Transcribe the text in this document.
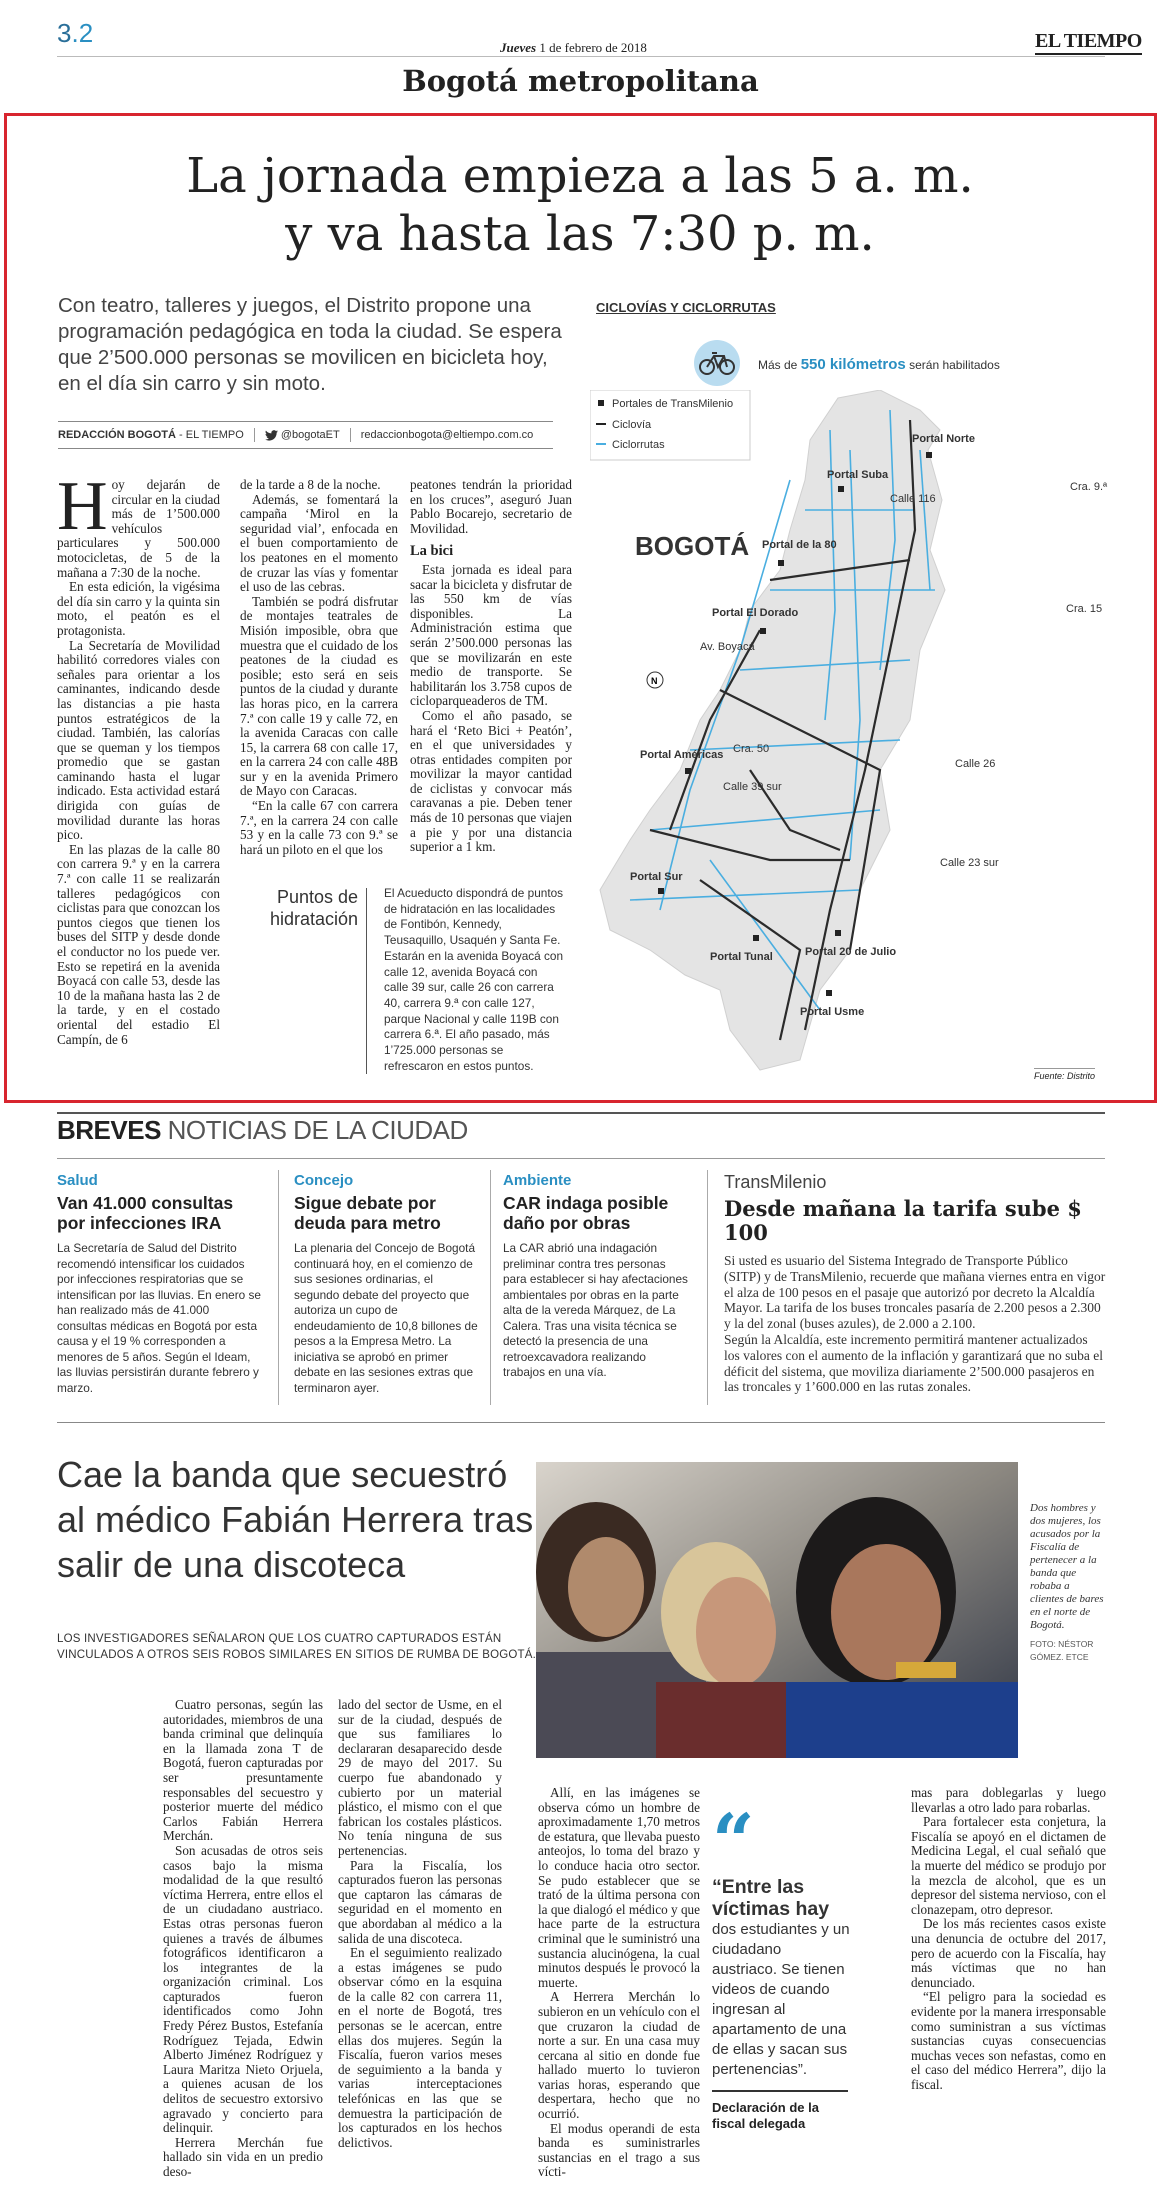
3.2	Jueves 1 de febrero de 2018	EL TIEMPO
Bogotá metropolitana
La jornada empieza a las 5 a. m.
y va hasta las 7:30 p. m.
Con teatro, talleres y juegos, el Distrito propone una programación pedagógica en toda la ciudad. Se espera que 2’500.000 personas se movilicen en bicicleta hoy, en el día sin carro y sin moto.
REDACCIÓN BOGOTÁ - EL TIEMPO	@bogotaET redaccionbogota@eltiempo.com.co

Hoy dejarán de circular en la ciudad más de 1’500.000 vehículos particulares y 500.000 motocicletas, de 5 de la mañana a 7:30 de la noche.

En esta edición, la vigésima del día sin carro y la quinta sin moto, el peatón es el protagonista.

La Secretaría de Movilidad habilitó corredores viales con señales para orientar a los caminantes, indicando desde las distancias a pie hasta puntos estratégicos de la ciudad. También, las calorías que se queman y los tiempos promedio que se gastan caminando hasta el lugar indicado. Esta actividad estará dirigida con guías de movilidad durante las horas pico.

En las plazas de la calle 80 con carrera 9.ª y en la carrera 7.ª con calle 11 se realizarán talleres pedagógicos con ciclistas para que conozcan los puntos ciegos que tienen los buses del SITP y desde donde el conductor no los puede ver. Esto se repetirá en la avenida Boyacá con calle 53, desde las 10 de la mañana hasta las 2 de la tarde, y en el costado oriental del estadio El Campín, de 6

de la tarde a 8 de la noche.

Además, se fomentará la campaña ‘Mirol en la seguridad vial’, enfocada en el buen comportamiento de los peatones en el momento de cruzar las vías y fomentar el uso de las cebras.

También se podrá disfrutar de montajes teatrales de Misión imposible, obra que muestra que el cuidado de los peatones de la ciudad es posible; esto será en seis puntos de la ciudad y durante las horas pico, en la carrera 7.ª con calle 19 y calle 72, en la avenida Caracas con calle 15, la carrera 68 con calle 17, en la carrera 24 con calle 48B sur y en la avenida Primero de Mayo con Caracas.

“En la calle 67 con carrera 7.ª, en la carrera 24 con calle 53 y en la calle 73 con 9.ª se hará un piloto en el que los

peatones tendrán la prioridad en los cruces”, aseguró Juan Pablo Bocarejo, secretario de Movilidad.

La bici

Esta jornada es ideal para sacar la bicicleta y disfrutar de las 550 km de vías disponibles. La Administración estima que serán 2’500.000 personas las que se movilizarán en este medio de transporte. Se habilitarán los 3.758 cupos de cicloparqueaderos de TM.

Como el año pasado, se hará el ‘Reto Bici + Peatón’, en el que universidades y otras entidades compiten por movilizar la mayor cantidad de ciclistas y convocar más caravanas a pie. Deben tener más de 10 personas que viajen a pie y por una distancia superior a 1 km.

Puntos de hidratación
El Acueducto dispondrá de puntos de hidratación en las localidades de Fontibón, Kennedy, Teusaquillo, Usaquén y Santa Fe. Estarán en la avenida Boyacá con calle 12, avenida Boyacá con calle 39 sur, calle 26 con carrera 40, carrera 9.ª con calle 127, parque Nacional y calle 119B con carrera 6.ª. El año pasado, más 1’725.000 personas se refrescaron en estos puntos.
CICLOVÍAS Y CICLORRUTAS
Más de 550 kilómetros serán habilitados
Portales de TransMilenio
Ciclovía
Ciclorrutas
BOGOTÁ
N
Portal Norte
Portal Suba
Portal de la 80
Portal El Dorado
Portal Américas
Portal Sur
Portal Tunal	Portal 20 de Julio
Portal Usme
Cra. 9.ª
Calle 116
Cra. 15
Av. Boyacá
Calle 26
Cra. 50
Calle 39 sur
Calle 23 sur
Fuente: Distrito
BREVES NOTICIAS DE LA CIUDAD
Salud
Van 41.000 consultas por infecciones IRA
La Secretaría de Salud del Distrito recomendó intensificar los cuidados por infecciones respiratorias que se intensifican por las lluvias. En enero se han realizado más de 41.000 consultas médicas en Bogotá por esta causa y el 19 % corresponden a menores de 5 años. Según el Ideam, las lluvias persistirán durante febrero y marzo.
Concejo
Sigue debate por deuda para metro
La plenaria del Concejo de Bogotá continuará hoy, en el comienzo de sus sesiones ordinarias, el segundo debate del proyecto que autoriza un cupo de endeudamiento de 10,8 billones de pesos a la Empresa Metro. La iniciativa se aprobó en primer debate en las sesiones extras que terminaron ayer.
Ambiente
CAR indaga posible daño por obras
La CAR abrió una indagación preliminar contra tres personas para establecer si hay afectaciones ambientales por obras en la parte alta de la vereda Márquez, de La Calera. Tras una visita técnica se detectó la presencia de una retroexcavadora realizando trabajos en una vía.
TransMilenio
Desde mañana la tarifa sube $ 100
Si usted es usuario del Sistema Integrado de Transporte Público (SITP) y de TransMilenio, recuerde que mañana viernes entra en vigor el alza de 100 pesos en el pasaje que autorizó por decreto la Alcaldía Mayor. La tarifa de los buses troncales pasaría de 2.200 pesos a 2.300 y la del zonal (buses azules), de 2.000 a 2.100.
Según la Alcaldía, este incremento permitirá mantener actualizados los valores con el aumento de la inflación y garantizará que no suba el déficit del sistema, que moviliza diariamente 2’500.000 pasajeros en las troncales y 1’600.000 en las rutas zonales.
Cae la banda que secuestró al médico Fabián Herrera tras salir de una discoteca
LOS INVESTIGADORES SEÑALARON QUE LOS CUATRO CAPTURADOS ESTÁN VINCULADOS A OTROS SEIS ROBOS SIMILARES EN SITIOS DE RUMBA DE BOGOTÁ.
Dos hombres y dos mujeres, los acusados por la Fiscalía de pertenecer a la banda que robaba a clientes de bares en el norte de Bogotá.
FOTO: NÉSTOR GÓMEZ. ETCE

Cuatro personas, según las autoridades, miembros de una banda criminal que delinquía en la llamada zona T de Bogotá, fueron capturadas por ser presuntamente responsables del secuestro y posterior muerte del médico Carlos Fabián Herrera Merchán.

Son acusadas de otros seis casos bajo la misma modalidad de la que resultó víctima Herrera, entre ellos el de un ciudadano austriaco. Estas otras personas fueron quienes a través de álbumes fotográficos identificaron a los integrantes de la organización criminal. Los capturados fueron identificados como John Fredy Pérez Bustos, Estefanía Rodríguez Tejada, Edwin Alberto Jiménez Rodríguez y Laura Maritza Nieto Orjuela, a quienes acusan de los delitos de secuestro extorsivo agravado y concierto para delinquir.

Herrera Merchán fue hallado sin vida en un predio deso-

lado del sector de Usme, en el sur de la ciudad, después de que sus familiares lo declararan desaparecido desde 29 de mayo del 2017. Su cuerpo fue abandonado y cubierto por un material plástico, el mismo con el que fabrican los costales plásticos. No tenía ninguna de sus pertenencias.

Para la Fiscalía, los capturados fueron las personas que captaron las cámaras de seguridad en el momento en que abordaban al médico a la salida de una discoteca.

En el seguimiento realizado a estas imágenes se pudo observar cómo en la esquina de la calle 82 con carrera 11, en el norte de Bogotá, tres personas se le acercan, entre ellas dos mujeres. Según la Fiscalía, fueron varios meses de seguimiento a la banda y varias interceptaciones telefónicas en las que se demuestra la participación de los capturados en los hechos delictivos.

Allí, en las imágenes se observa cómo un hombre de aproximadamente 1,70 metros de estatura, que llevaba puesto anteojos, lo toma del brazo y lo conduce hacia otro sector. Se pudo establecer que se trató de la última persona con la que dialogó el médico y que hace parte de la estructura criminal que le suministró una sustancia alucinógena, la cual minutos después le provocó la muerte.

A Herrera Merchán lo subieron en un vehículo con el que cruzaron la ciudad de norte a sur. En una casa muy cercana al sitio en donde fue hallado muerto lo tuvieron varias horas, esperando que despertara, hecho que no ocurrió.

El modus operandi de esta banda es suministrarles sustancias en el trago a sus vícti-

“
“Entre las víctimas hay
dos estudiantes y un ciudadano austriaco. Se tienen videos de cuando ingresan al apartamento de una de ellas y sacan sus pertenencias”.
Declaración de la fiscal delegada

mas para doblegarlas y luego llevarlas a otro lado para robarlas.

Para fortalecer esta conjetura, la Fiscalía se apoyó en el dictamen de Medicina Legal, el cual señaló que la muerte del médico se produjo por la mezcla de alcohol, que es un depresor del sistema nervioso, con el clonazepam, otro depresor.

De los más recientes casos existe una denuncia de octubre del 2017, pero de acuerdo con la Fiscalía, hay más víctimas que no han denunciado.

“El peligro para la sociedad es evidente por la manera irresponsable como suministran a sus víctimas sustancias cuyas consecuencias muchas veces son nefastas, como en el caso del médico Herrera”, dijo la fiscal.
